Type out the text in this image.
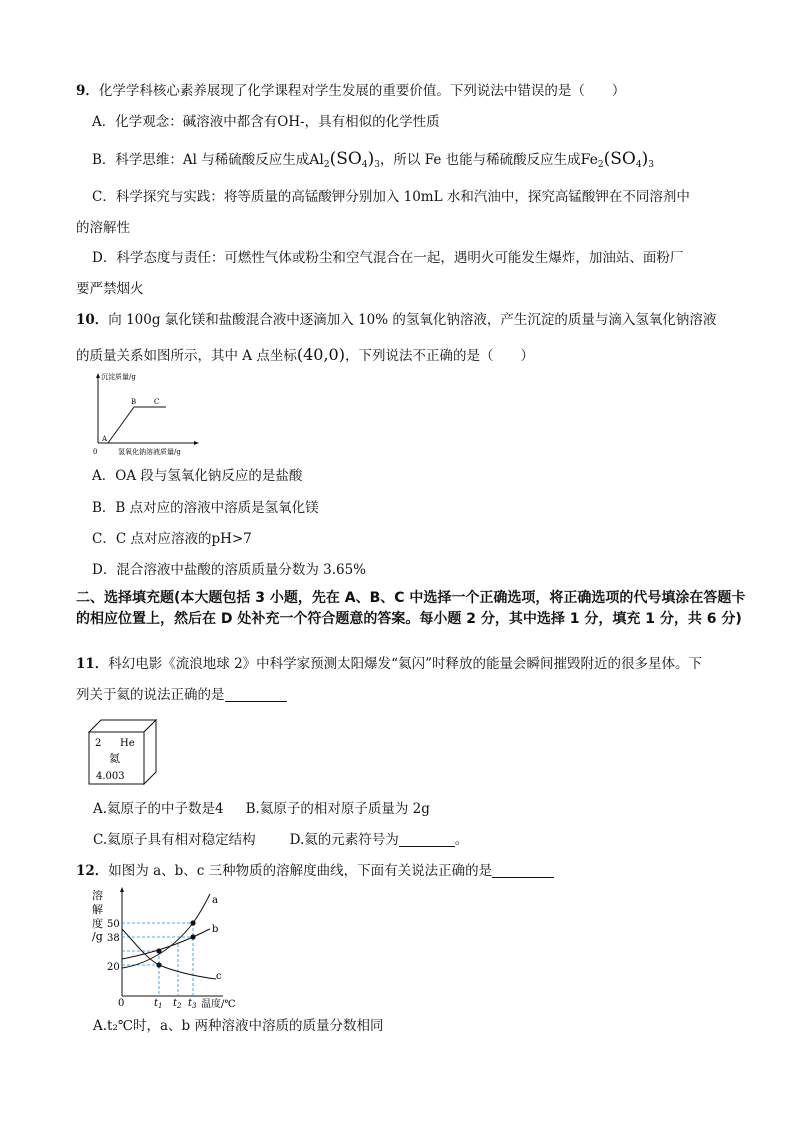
9．化学学科核心素养展现了化学课程对学生发展的重要价值。下列说法中错误的是（　　）
A．化学观念：碱溶液中都含有OH-，具有相似的化学性质
B．科学思维：Al 与稀硫酸反应生成$Al_2(SO_4)_3$，所以 Fe 也能与稀硫酸反应生成$Fe_2(SO_4)_3$
C．科学探究与实践：将等质量的高锰酸钾分别加入 10mL 水和汽油中，探究高锰酸钾在不同溶剂中
的溶解性
D．科学态度与责任：可燃性气体或粉尘和空气混合在一起，遇明火可能发生爆炸，加油站、面粉厂
要严禁烟火
10．向 100g 氯化镁和盐酸混合液中逐滴加入 10% 的氢氧化钠溶液，产生沉淀的质量与滴入氢氧化钠溶液
的质量关系如图所示，其中 A 点坐标(40,0)，下列说法不正确的是（　　）
沉淀质量/g
氢氧化钠溶液质量/g
0
A
B	C
A．OA 段与氢氧化钠反应的是盐酸
B．B 点对应的溶液中溶质是氢氧化镁
C．C 点对应溶液的pH>7
D．混合溶液中盐酸的溶质质量分数为 3.65%
二、选择填充题(本大题包括 3 小题，先在 A、B、C 中选择一个正确选项，将正确选项的代号填涂在答题卡的相应位置上，然后在 D 处补充一个符合题意的答案。每小题 2 分，其中选择 1 分，填充 1 分，共 6 分)
11．科幻电影《流浪地球 2》中科学家预测太阳爆发“氦闪”时释放的能量会瞬间摧毁附近的很多星体。下
列关于氦的说法正确的是
2 He
氦
4.003
A.氦原子的中子数是4 B.氦原子的相对原子质量为 2g
C.氦原子具有相对稳定结构	D.氦的元素符号为	。
12．如图为 a、b、c 三种物质的溶解度曲线，下面有关说法正确的是
溶
解
度
/g
50
38
20
a
b
c
0	$t_1$ $t_2$ $t_3$ 温度/℃
A.t₂℃时，a、b 两种溶液中溶质的质量分数相同
